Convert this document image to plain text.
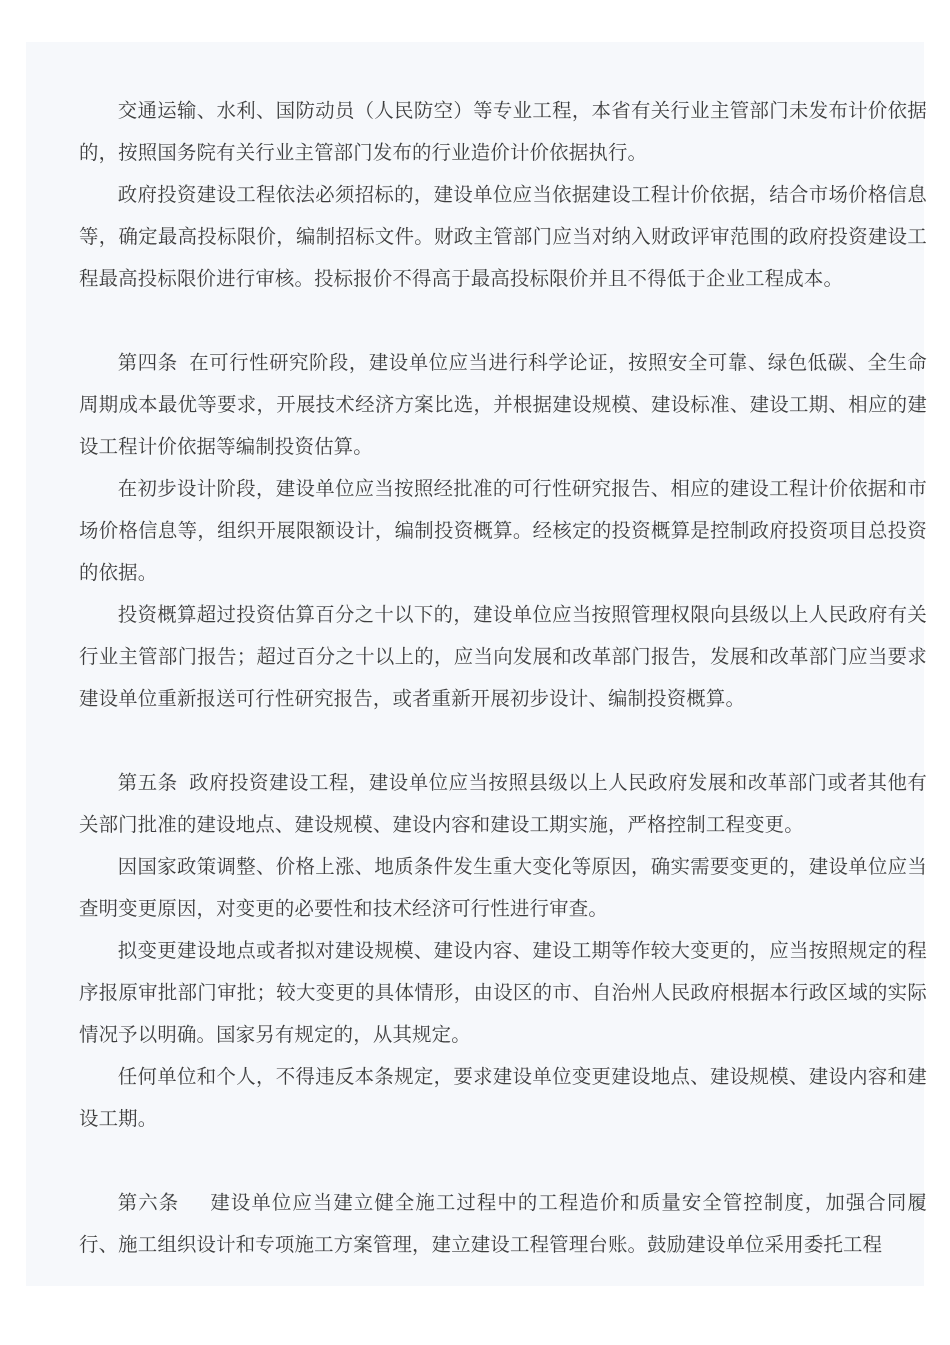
交通运输、水利、国防动员（人民防空）等专业工程，本省有关行业主管部门未发布计价依据的，按照国务院有关行业主管部门发布的行业造价计价依据执行。

政府投资建设工程依法必须招标的，建设单位应当依据建设工程计价依据，结合市场价格信息等，确定最高投标限价，编制招标文件。财政主管部门应当对纳入财政评审范围的政府投资建设工程最高投标限价进行审核。投标报价不得高于最高投标限价并且不得低于企业工程成本。

第四条 在可行性研究阶段，建设单位应当进行科学论证，按照安全可靠、绿色低碳、全生命周期成本最优等要求，开展技术经济方案比选，并根据建设规模、建设标准、建设工期、相应的建设工程计价依据等编制投资估算。

在初步设计阶段，建设单位应当按照经批准的可行性研究报告、相应的建设工程计价依据和市场价格信息等，组织开展限额设计，编制投资概算。经核定的投资概算是控制政府投资项目总投资的依据。

投资概算超过投资估算百分之十以下的，建设单位应当按照管理权限向县级以上人民政府有关行业主管部门报告；超过百分之十以上的，应当向发展和改革部门报告，发展和改革部门应当要求建设单位重新报送可行性研究报告，或者重新开展初步设计、编制投资概算。

第五条 政府投资建设工程，建设单位应当按照县级以上人民政府发展和改革部门或者其他有关部门批准的建设地点、建设规模、建设内容和建设工期实施，严格控制工程变更。

因国家政策调整、价格上涨、地质条件发生重大变化等原因，确实需要变更的，建设单位应当查明变更原因，对变更的必要性和技术经济可行性进行审查。

拟变更建设地点或者拟对建设规模、建设内容、建设工期等作较大变更的，应当按照规定的程序报原审批部门审批；较大变更的具体情形，由设区的市、自治州人民政府根据本行政区域的实际情况予以明确。国家另有规定的，从其规定。

任何单位和个人，不得违反本条规定，要求建设单位变更建设地点、建设规模、建设内容和建设工期。

第六条 建设单位应当建立健全施工过程中的工程造价和质量安全管控制度，加强合同履行、施工组织设计和专项施工方案管理，建立建设工程管理台账。鼓励建设单位采用委托工程
